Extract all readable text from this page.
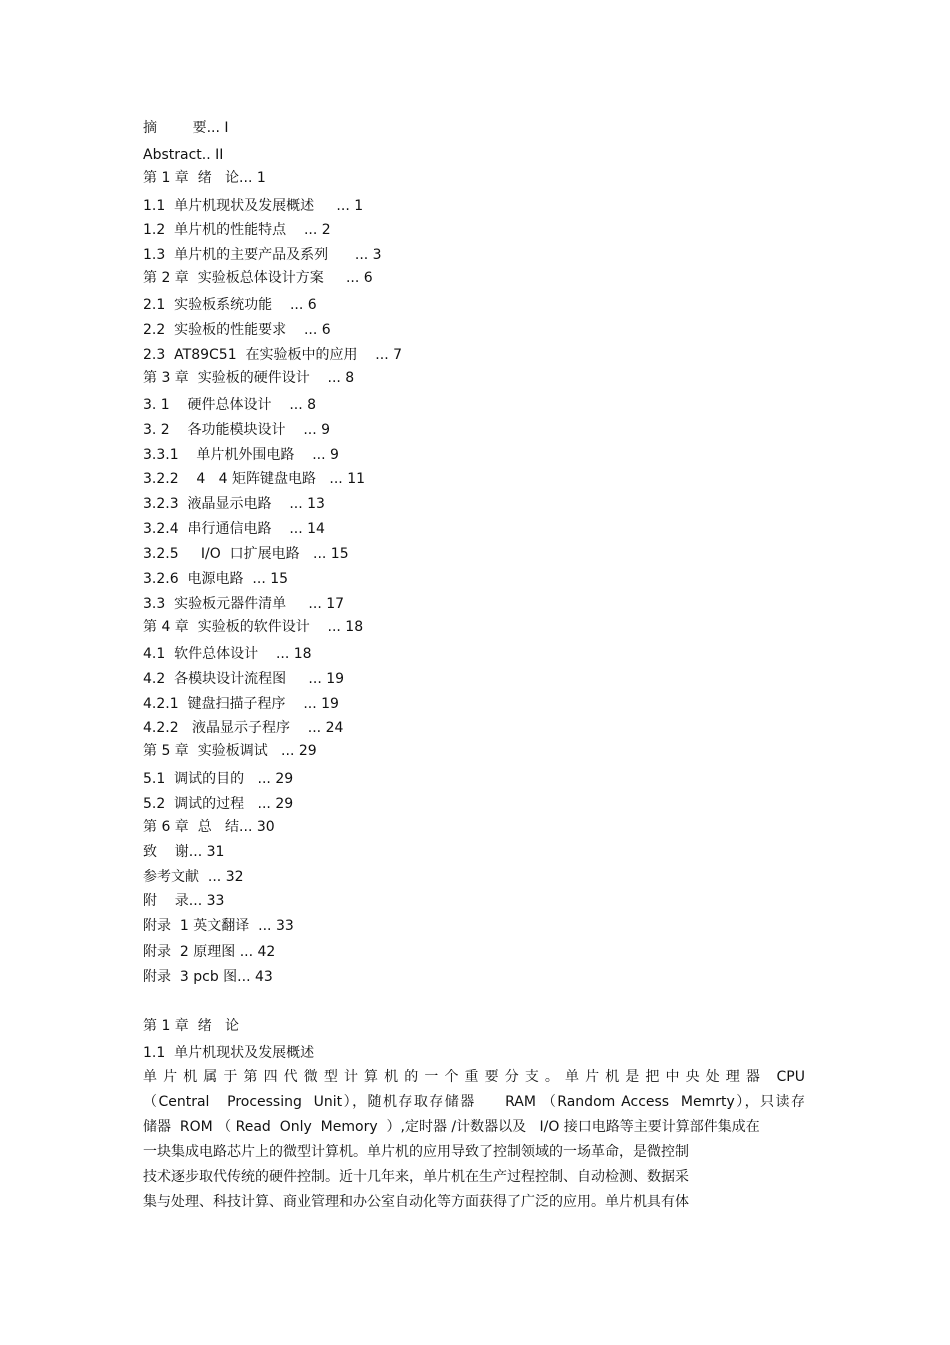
摘        要... I
Abstract.. II
第 1 章  绪   论... 1
1.1  单片机现状及发展概述     ... 1
1.2  单片机的性能特点    ... 2
1.3  单片机的主要产品及系列      ... 3
第 2 章  实验板总体设计方案     ... 6
2.1  实验板系统功能    ... 6
2.2  实验板的性能要求    ... 6
2.3  AT89C51  在实验板中的应用    ... 7
第 3 章  实验板的硬件设计    ... 8
3. 1    硬件总体设计    ... 8
3. 2    各功能模块设计    ... 9
3.3.1    单片机外围电路    ... 9
3.2.2    4   4 矩阵键盘电路   ... 11
3.2.3  液晶显示电路    ... 13
3.2.4  串行通信电路    ... 14
3.2.5     I/O  口扩展电路   ... 15
3.2.6  电源电路  ... 15
3.3  实验板元器件清单     ... 17
第 4 章  实验板的软件设计    ... 18
4.1  软件总体设计    ... 18
4.2  各模块设计流程图     ... 19
4.2.1  键盘扫描子程序    ... 19
4.2.2   液晶显示子程序    ... 24
第 5 章  实验板调试   ... 29
5.1  调试的目的   ... 29
5.2  调试的过程   ... 29
第 6 章  总   结... 30
致    谢... 31
参考文献  ... 32
附    录... 33
附录  1 英文翻译  ... 33
附录  2 原理图 ... 42
附录  3 pcb 图... 43
第 1 章  绪   论
1.1  单片机现状及发展概述
单 片 机 属 于 第 四 代 微 型 计 算 机 的 一 个 重 要 分 支 。 单 片 机 是 把 中 央 处 理 器   CPU
（Central   Processing  Unit），随机存取存储器     RAM （Random Access  Memrty），只读存
储器  ROM （ Read  Only  Memory  ）,定时器 /计数器以及   I/O 接口电路等主要计算部件集成在
一块集成电路芯片上的微型计算机。单片机的应用导致了控制领域的一场革命，是微控制
技术逐步取代传统的硬件控制。近十几年来，单片机在生产过程控制、自动检测、数据采
集与处理、科技计算、商业管理和办公室自动化等方面获得了广泛的应用。单片机具有体
